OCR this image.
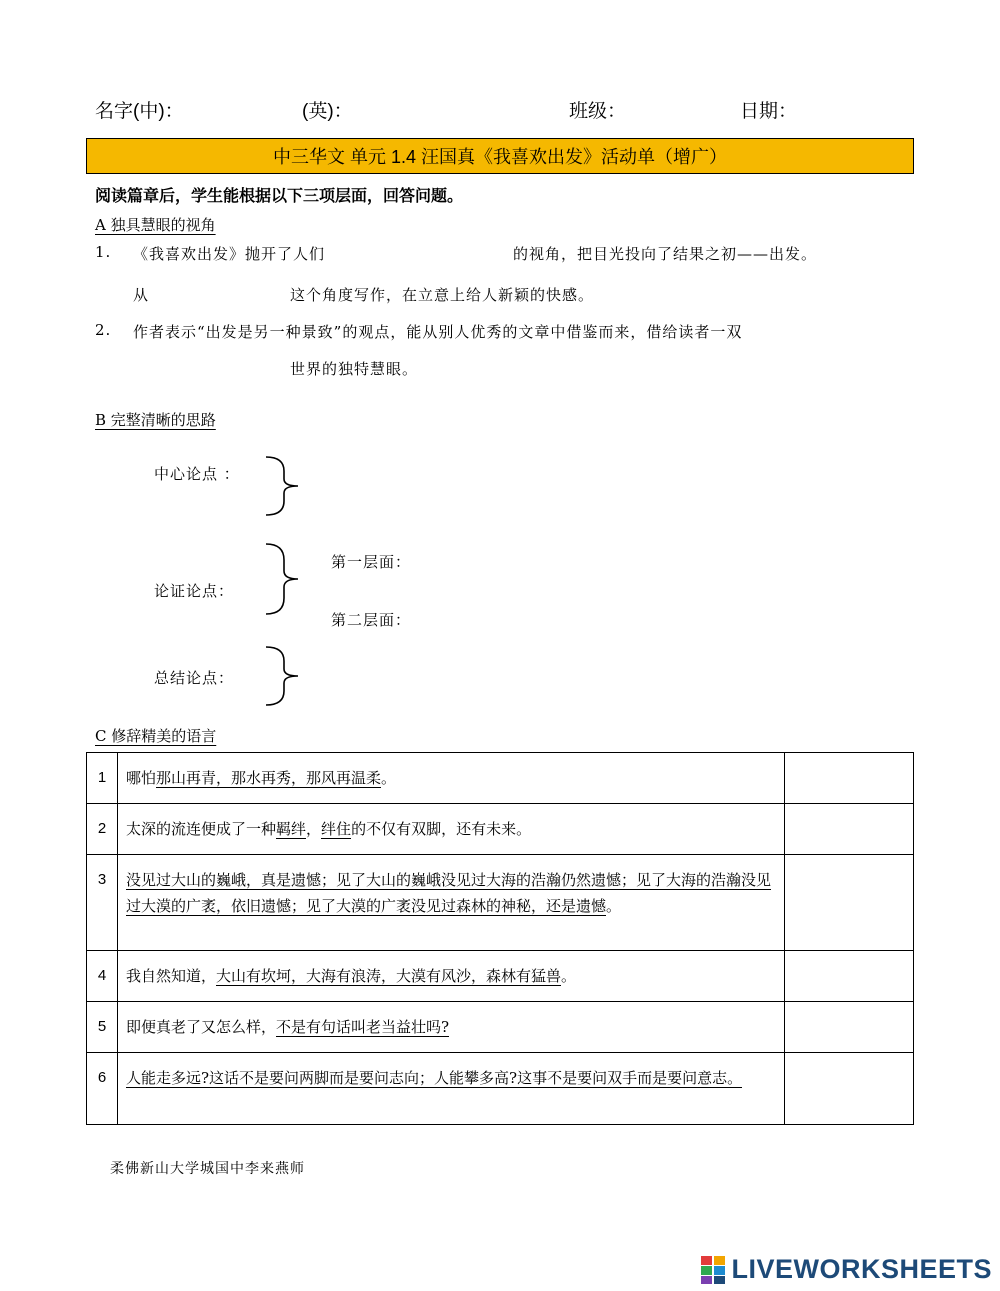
名字(中)：	(英)：	班级：	日期：
中三华文 单元 1.4 汪国真《我喜欢出发》活动单（增广）
阅读篇章后，学生能根据以下三项层面，回答问题。
A 独具慧眼的视角
1. 《我喜欢出发》抛开了人们	的视角，把目光投向了结果之初——出发。
从	这个角度写作，在立意上给人新颖的快感。
2. 作者表示“出发是另一种景致”的观点，能从别人优秀的文章中借鉴而来，借给读者一双
世界的独特慧眼。
B 完整清晰的思路
中心论点 ：
论证论点：
第一层面：
第二层面：
总结论点：
C 修辞精美的语言
1	哪怕那山再青，那水再秀，那风再温柔。	
2	太深的流连便成了一种羁绊，绊住的不仅有双脚，还有未来。	
3	没见过大山的巍峨，真是遗憾；见了大山的巍峨没见过大海的浩瀚仍然遗憾；见了大海的浩瀚没见过大漠的广袤，依旧遗憾；见了大漠的广袤没见过森林的神秘，还是遗憾。	
4	我自然知道，大山有坎坷，大海有浪涛，大漠有风沙，森林有猛兽。	
5	即便真老了又怎么样，不是有句话叫老当益壮吗?	
6	人能走多远?这话不是要问两脚而是要问志向；人能攀多高?这事不是要问双手而是要问意志。	
柔佛新山大学城国中李来燕师
LIVEWORKSHEETS
